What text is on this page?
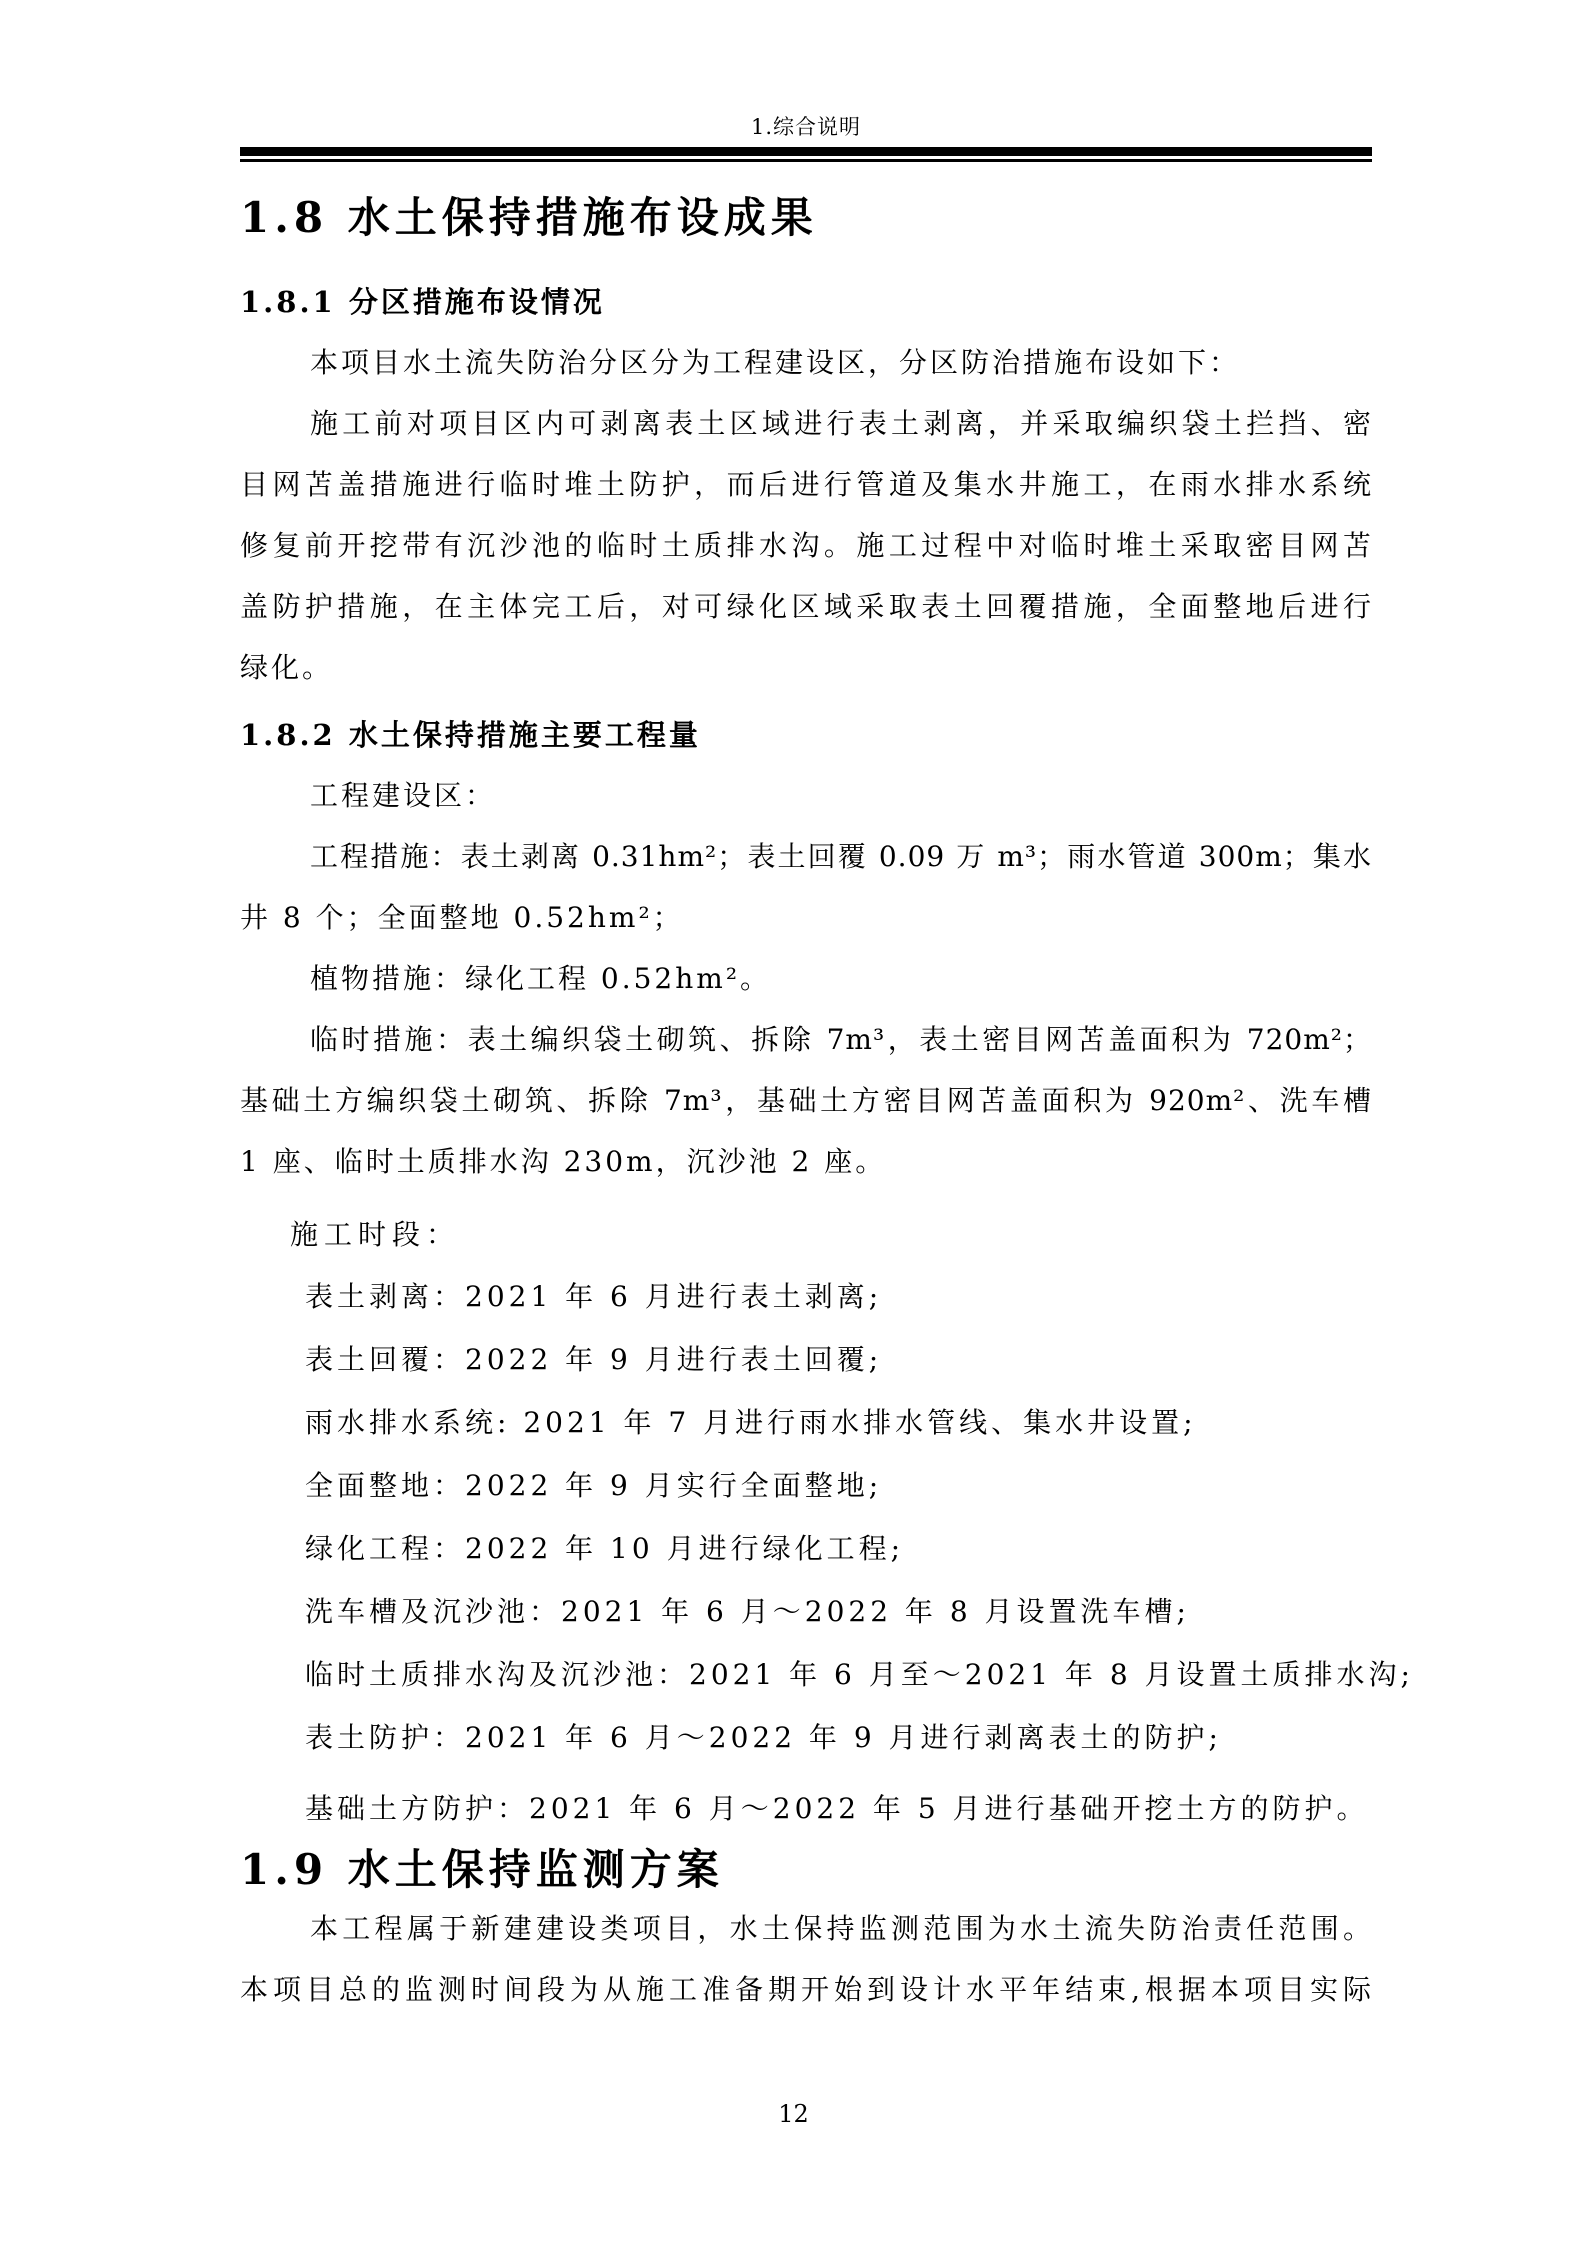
1.综合说明
1.8 水土保持措施布设成果
1.8.1 分区措施布设情况
本项目水土流失防治分区分为工程建设区，分区防治措施布设如下：
施工前对项目区内可剥离表土区域进行表土剥离，并采取编织袋土拦挡、密
目网苫盖措施进行临时堆土防护，而后进行管道及集水井施工，在雨水排水系统
修复前开挖带有沉沙池的临时土质排水沟。施工过程中对临时堆土采取密目网苫
盖防护措施，在主体完工后，对可绿化区域采取表土回覆措施，全面整地后进行
绿化。
1.8.2 水土保持措施主要工程量
工程建设区：
工程措施：表土剥离 0.31hm²；表土回覆 0.09 万 m³；雨水管道 300m；集水
井 8 个；全面整地 0.52hm²；
植物措施：绿化工程 0.52hm²。
临时措施：表土编织袋土砌筑、拆除 7m³，表土密目网苫盖面积为 720m²；
基础土方编织袋土砌筑、拆除 7m³，基础土方密目网苫盖面积为 920m²、洗车槽
1 座、临时土质排水沟 230m，沉沙池 2 座。
施工时段：
表土剥离：2021 年 6 月进行表土剥离;
表土回覆：2022 年 9 月进行表土回覆;
雨水排水系统: 2021 年 7 月进行雨水排水管线、集水井设置;
全面整地：2022 年 9 月实行全面整地;
绿化工程：2022 年 10 月进行绿化工程;
洗车槽及沉沙池：2021 年 6 月～2022 年 8 月设置洗车槽;
临时土质排水沟及沉沙池：2021 年 6 月至～2021 年 8 月设置土质排水沟;
表土防护：2021 年 6 月～2022 年 9 月进行剥离表土的防护;
基础土方防护：2021 年 6 月～2022 年 5 月进行基础开挖土方的防护。
1.9 水土保持监测方案
本工程属于新建建设类项目，水土保持监测范围为水土流失防治责任范围。
本项目总的监测时间段为从施工准备期开始到设计水平年结束,根据本项目实际
12
